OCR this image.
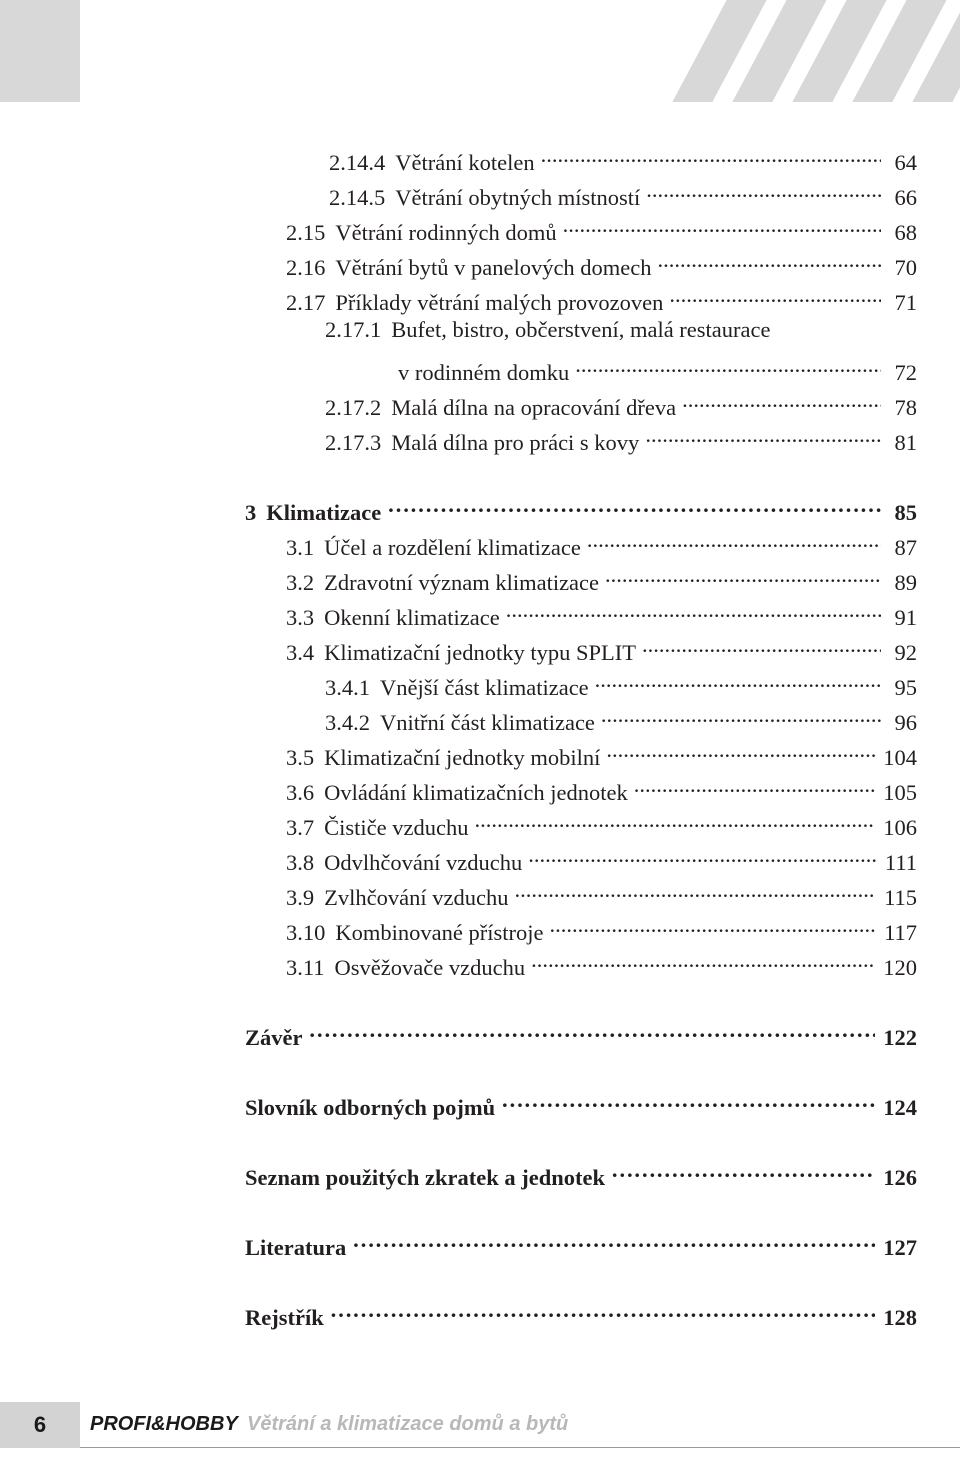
2.14.4 Větrání kotelen .....	64
2.14.5 Větrání obytných místností .....	66
2.15 Větrání rodinných domů .....	68
2.16 Větrání bytů v panelových domech .....	70
2.17 Příklady větrání malých provozoven .....	71
2.17.1 Bufet, bistro, občerstvení, malá restaurace
v rodinném domku .....	72
2.17.2 Malá dílna na opracování dřeva .....	78
2.17.3 Malá dílna pro práci s kovy .....	81
3 Klimatizace …………………………………………………………………………………………………………………………………………………………………………………	85
3.1 Účel a rozdělení klimatizace .....	87
3.2 Zdravotní význam klimatizace .....	89
3.3 Okenní klimatizace .....	91
3.4 Klimatizační jednotky typu SPLIT .....	92
3.4.1 Vnější část klimatizace .....	95
3.4.2 Vnitřní část klimatizace .....	96
3.5 Klimatizační jednotky mobilní .....	104
3.6 Ovládání klimatizačních jednotek .....	105
3.7 Čističe vzduchu .....	106
3.8 Odvlhčování vzduchu .....	111
3.9 Zvlhčování vzduchu .....	115
3.10 Kombinované přístroje .....	117
3.11 Osvěžovače vzduchu .....	120
Závěr …………………………………………………………………………………………………………………………………………………………………………………	122
Slovník odborných pojmů …………………………………………………………………………………………………………………………………………………………………………………	124
Seznam použitých zkratek a jednotek …………………………………………………………………………………………………………………………………………………………………………………	126
Literatura …………………………………………………………………………………………………………………………………………………………………………………	127
Rejstřík …………………………………………………………………………………………………………………………………………………………………………………	128
6	PROFI&HOBBY Větrání a klimatizace domů a bytů
